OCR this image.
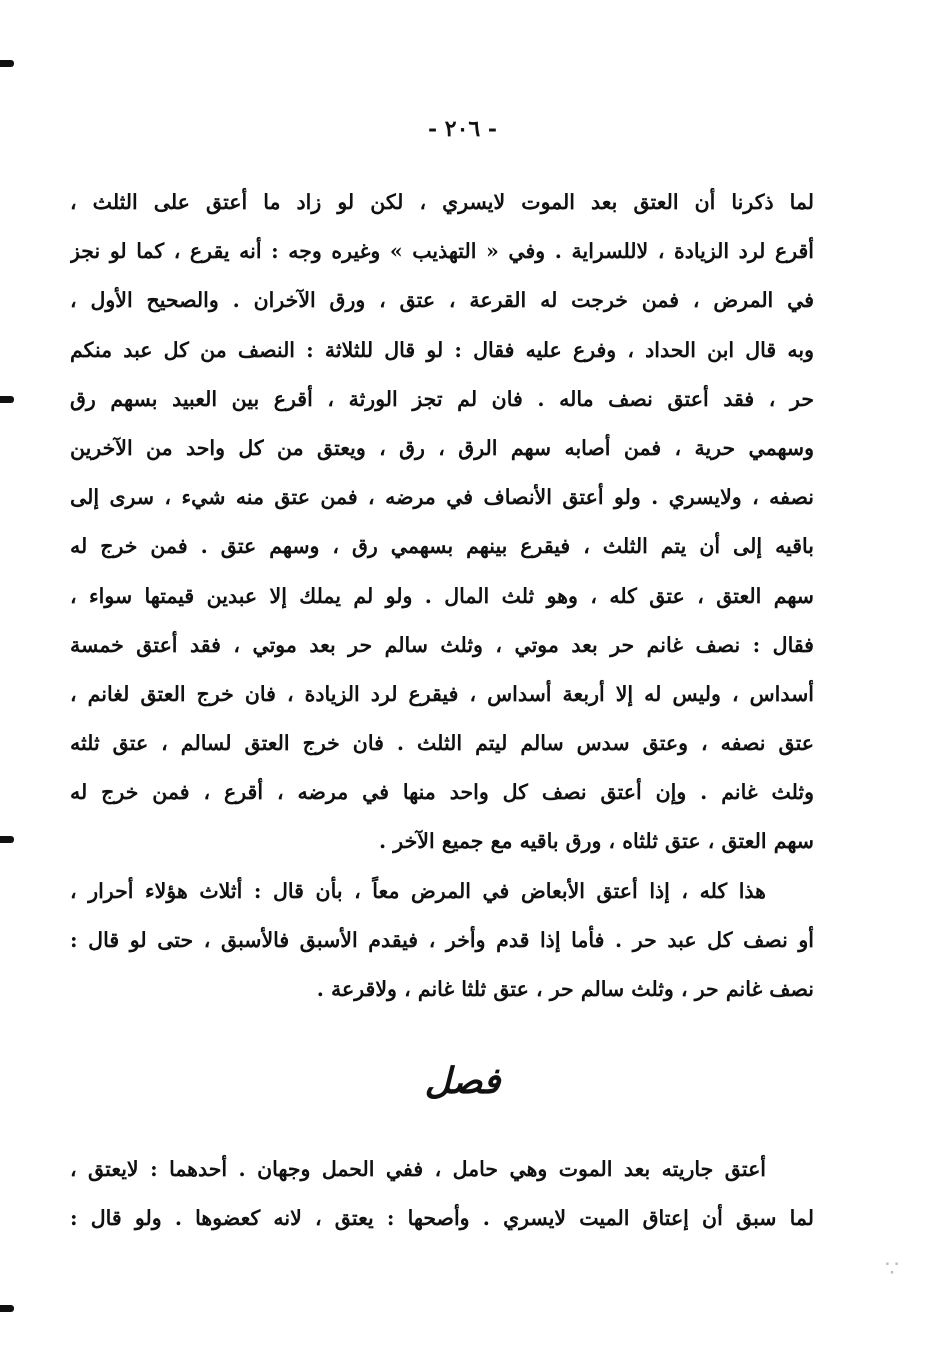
- ٢٠٦ -
لما ذكرنا أن العتق بعد الموت لايسري ، لكن لو زاد ما أعتق على الثلث ،
أقرع لرد الزيادة ، لاللسراية . وفي « التهذيب » وغيره وجه : أنه يقرع ، كما لو نجز
في المرض ، فمن خرجت له القرعة ، عتق ، ورق الآخران . والصحيح الأول ،
وبه قال ابن الحداد ، وفرع عليه فقال : لو قال للثلاثة : النصف من كل عبد منكم
حر ، فقد أعتق نصف ماله . فان لم تجز الورثة ، أقرع بين العبيد بسهم رق
وسهمي حرية ، فمن أصابه سهم الرق ، رق ، ويعتق من كل واحد من الآخرين
نصفه ، ولايسري . ولو أعتق الأنصاف في مرضه ، فمن عتق منه شيء ، سرى إلى
باقيه إلى أن يتم الثلث ، فيقرع بينهم بسهمي رق ، وسهم عتق . فمن خرج له
سهم العتق ، عتق كله ، وهو ثلث المال . ولو لم يملك إلا عبدين قيمتها سواء ،
فقال : نصف غانم حر بعد موتي ، وثلث سالم حر بعد موتي ، فقد أعتق خمسة
أسداس ، وليس له إلا أربعة أسداس ، فيقرع لرد الزيادة ، فان خرج العتق لغانم ،
عتق نصفه ، وعتق سدس سالم ليتم الثلث . فان خرج العتق لسالم ، عتق ثلثه
وثلث غانم . وإن أعتق نصف كل واحد منها في مرضه ، أقرع ، فمن خرج له
سهم العتق ، عتق ثلثاه ، ورق باقيه مع جميع الآخر .
هذا كله ، إذا أعتق الأبعاض في المرض معاً ، بأن قال : أثلاث هؤلاء أحرار ،
أو نصف كل عبد حر . فأما إذا قدم وأخر ، فيقدم الأسبق فالأسبق ، حتى لو قال :
نصف غانم حر ، وثلث سالم حر ، عتق ثلثا غانم ، ولاقرعة .
فصل
أعتق جاريته بعد الموت وهي حامل ، ففي الحمل وجهان . أحدهما : لايعتق ،
لما سبق أن إعتاق الميت لايسري . وأصحها : يعتق ، لانه كعضوها . ولو قال :
∵
